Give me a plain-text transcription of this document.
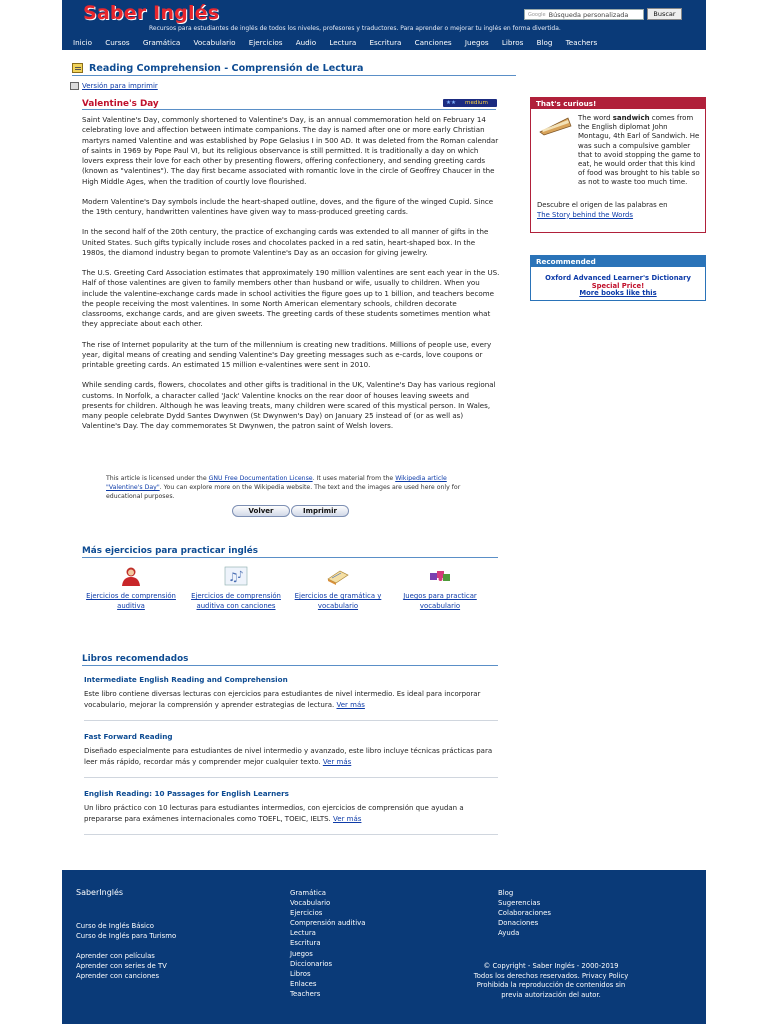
Saber Inglés
Recursos para estudiantes de inglés de todos los niveles, profesores y traductores. Para aprender o mejorar tu inglés en forma divertida.
Google Búsqueda personalizada	Buscar
Inicio Cursos Gramática Vocabulario Ejercicios Audio Lectura Escritura Canciones Juegos Libros Blog Teachers
Reading Comprehension - Comprensión de Lectura
Versión para imprimir
Valentine's Day
★★	medium

Saint Valentine's Day, commonly shortened to Valentine's Day, is an annual commemoration held on February 14 celebrating love and affection between intimate companions. The day is named after one or more early Christian martyrs named Valentine and was established by Pope Gelasius I in 500 AD. It was deleted from the Roman calendar of saints in 1969 by Pope Paul VI, but its religious observance is still permitted. It is traditionally a day on which lovers express their love for each other by presenting flowers, offering confectionery, and sending greeting cards (known as "valentines"). The day first became associated with romantic love in the circle of Geoffrey Chaucer in the High Middle Ages, when the tradition of courtly love flourished.

Modern Valentine's Day symbols include the heart-shaped outline, doves, and the figure of the winged Cupid. Since the 19th century, handwritten valentines have given way to mass-produced greeting cards.

In the second half of the 20th century, the practice of exchanging cards was extended to all manner of gifts in the United States. Such gifts typically include roses and chocolates packed in a red satin, heart-shaped box. In the 1980s, the diamond industry began to promote Valentine's Day as an occasion for giving jewelry.

The U.S. Greeting Card Association estimates that approximately 190 million valentines are sent each year in the US. Half of those valentines are given to family members other than husband or wife, usually to children. When you include the valentine-exchange cards made in school activities the figure goes up to 1 billion, and teachers become the people receiving the most valentines. In some North American elementary schools, children decorate classrooms, exchange cards, and are given sweets. The greeting cards of these students sometimes mention what they appreciate about each other.

The rise of Internet popularity at the turn of the millennium is creating new traditions. Millions of people use, every year, digital means of creating and sending Valentine's Day greeting messages such as e-cards, love coupons or printable greeting cards. An estimated 15 million e-valentines were sent in 2010.

While sending cards, flowers, chocolates and other gifts is traditional in the UK, Valentine's Day has various regional customs. In Norfolk, a character called 'Jack' Valentine knocks on the rear door of houses leaving sweets and presents for children. Although he was leaving treats, many children were scared of this mystical person. In Wales, many people celebrate Dydd Santes Dwynwen (St Dwynwen's Day) on January 25 instead of (or as well as) Valentine's Day. The day commemorates St Dwynwen, the patron saint of Welsh lovers.

This article is licensed under the GNU Free Documentation License. It uses material from the Wikipedia article "Valentine's Day". You can explore more on the Wikipedia website. The text and the images are used here only for educational purposes.
Volver	Imprimir
Más ejercicios para practicar inglés
Ejercicios de comprensión auditiva
♫
♪
Ejercicios de comprensión auditiva con canciones
Ejercicios de gramática y vocabulario
Juegos para practicar vocabulario
Libros recomendados
Intermediate English Reading and Comprehension
Este libro contiene diversas lecturas con ejercicios para estudiantes de nivel intermedio. Es ideal para incorporar vocabulario, mejorar la comprensión y aprender estrategias de lectura. Ver más
Fast Forward Reading
Diseñado especialmente para estudiantes de nivel intermedio y avanzado, este libro incluye técnicas prácticas para leer más rápido, recordar más y comprender mejor cualquier texto. Ver más
English Reading: 10 Passages for English Learners
Un libro práctico con 10 lecturas para estudiantes intermedios, con ejercicios de comprensión que ayudan a prepararse para exámenes internacionales como TOEFL, TOEIC, IELTS. Ver más
That's curious!
The word sandwich comes from the English diplomat John Montagu, 4th Earl of Sandwich. He was such a compulsive gambler that to avoid stopping the game to eat, he would order that this kind of food was brought to his table so as not to waste too much time.
Descubre el origen de las palabras en
The Story behind the Words
Recommended
Oxford Advanced Learner's Dictionary
Special Price!
More books like this
SaberInglés
Curso de Inglés Básico
Curso de Inglés para Turismo

Aprender con películas
Aprender con series de TV
Aprender con canciones
Gramática
Vocabulario
Ejercicios
Comprensión auditiva
Lectura
Escritura
Juegos
Diccionarios
Libros
Enlaces
Teachers
Blog
Sugerencias
Colaboraciones
Donaciones
Ayuda
© Copyright - Saber Inglés - 2000-2019
Todos los derechos reservados. Privacy Policy
Prohibida la reproducción de contenidos sin previa autorización del autor.
